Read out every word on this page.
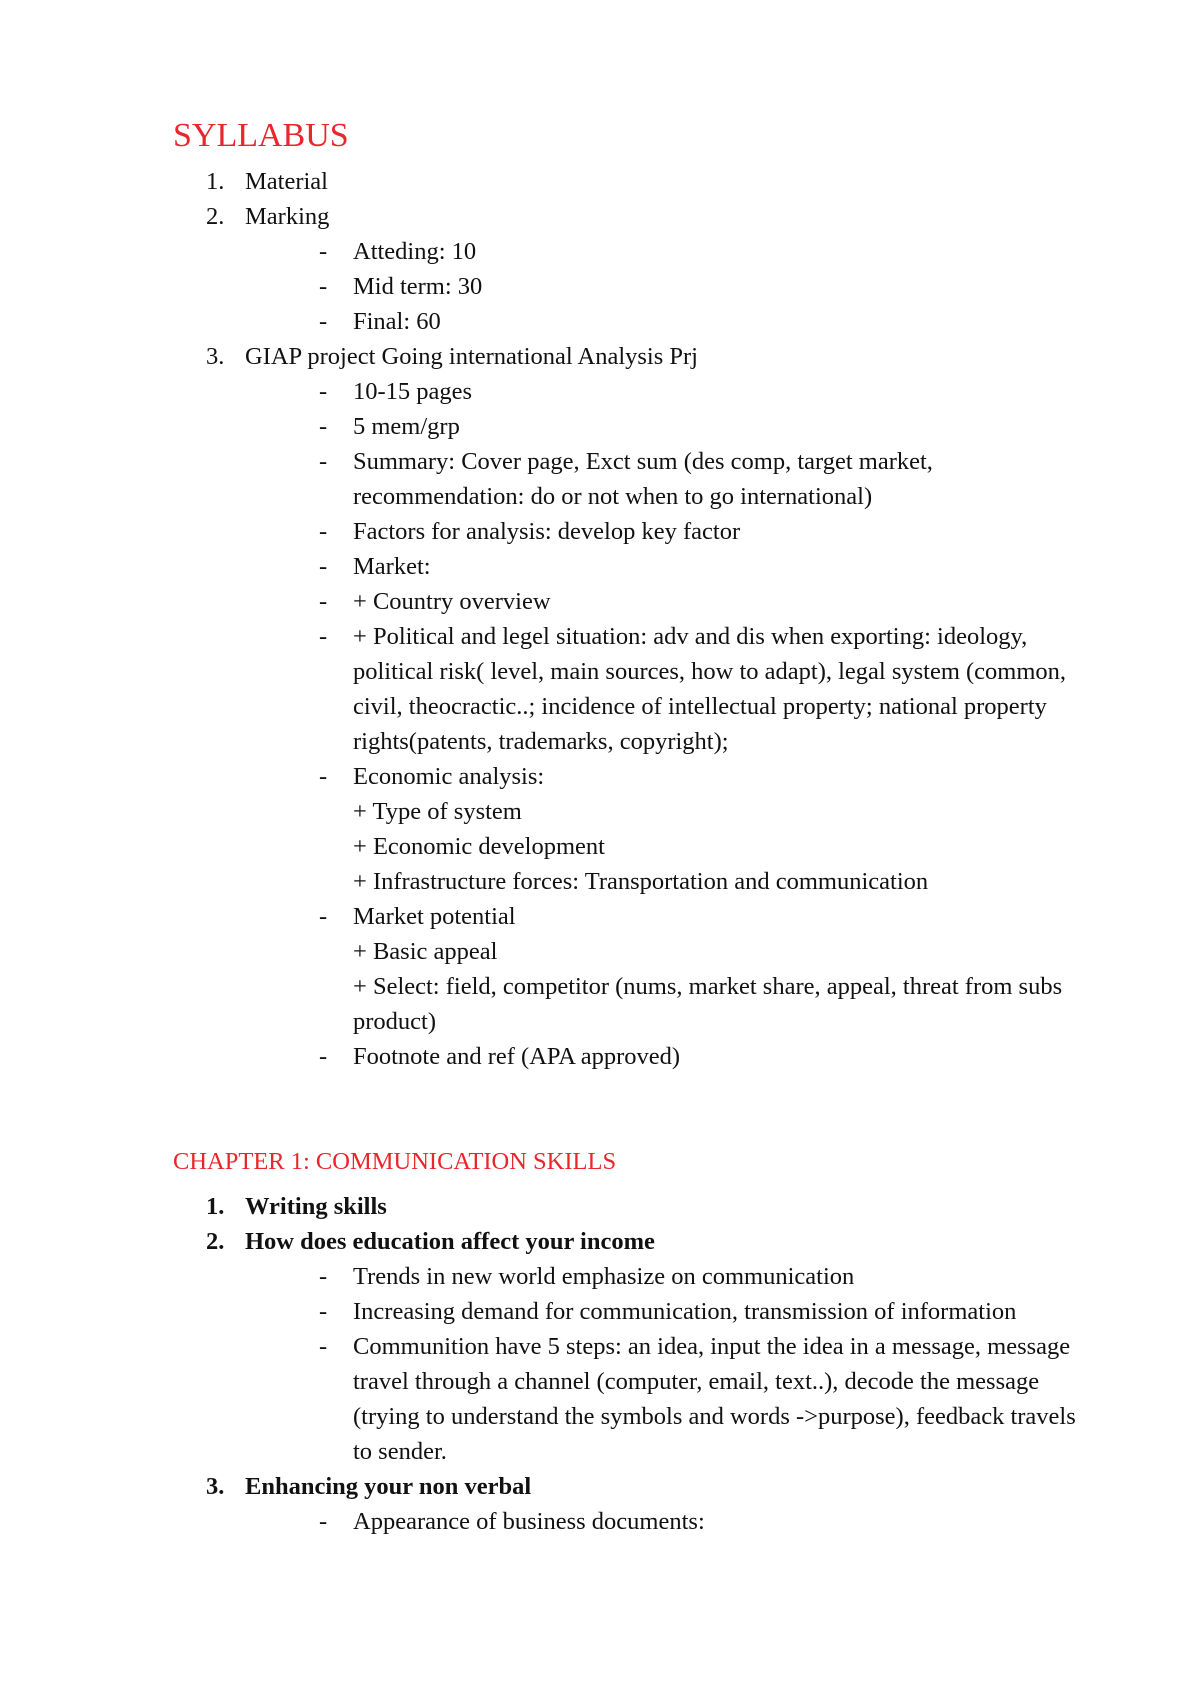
SYLLABUS
1. Material
2. Marking
- Atteding: 10
- Mid term: 30
- Final: 60
3. GIAP project Going international Analysis Prj
- 10-15 pages
- 5 mem/grp
- Summary: Cover page, Exct sum (des comp, target market, recommendation: do or not when to go international)
- Factors for analysis: develop key factor
- Market:
- + Country overview
- + Political and legel situation: adv and dis when exporting: ideology, political risk( level, main sources, how to adapt), legal system (common, civil, theocractic..; incidence of intellectual property; national property rights(patents, trademarks, copyright);
- Economic analysis:
+ Type of system
+ Economic development
+ Infrastructure forces: Transportation and communication
- Market potential
+ Basic appeal
+ Select: field, competitor (nums, market share, appeal, threat from subs product)
- Footnote and ref (APA approved)
CHAPTER 1: COMMUNICATION SKILLS
1. Writing skills
2. How does education affect your income
- Trends in new world emphasize on communication
- Increasing demand for communication, transmission of information
- Communition have 5 steps: an idea, input the idea in a message, message travel through a channel (computer, email, text..), decode the message (trying to understand the symbols and words ->purpose), feedback travels to sender.
3. Enhancing your non verbal
- Appearance of business documents:
